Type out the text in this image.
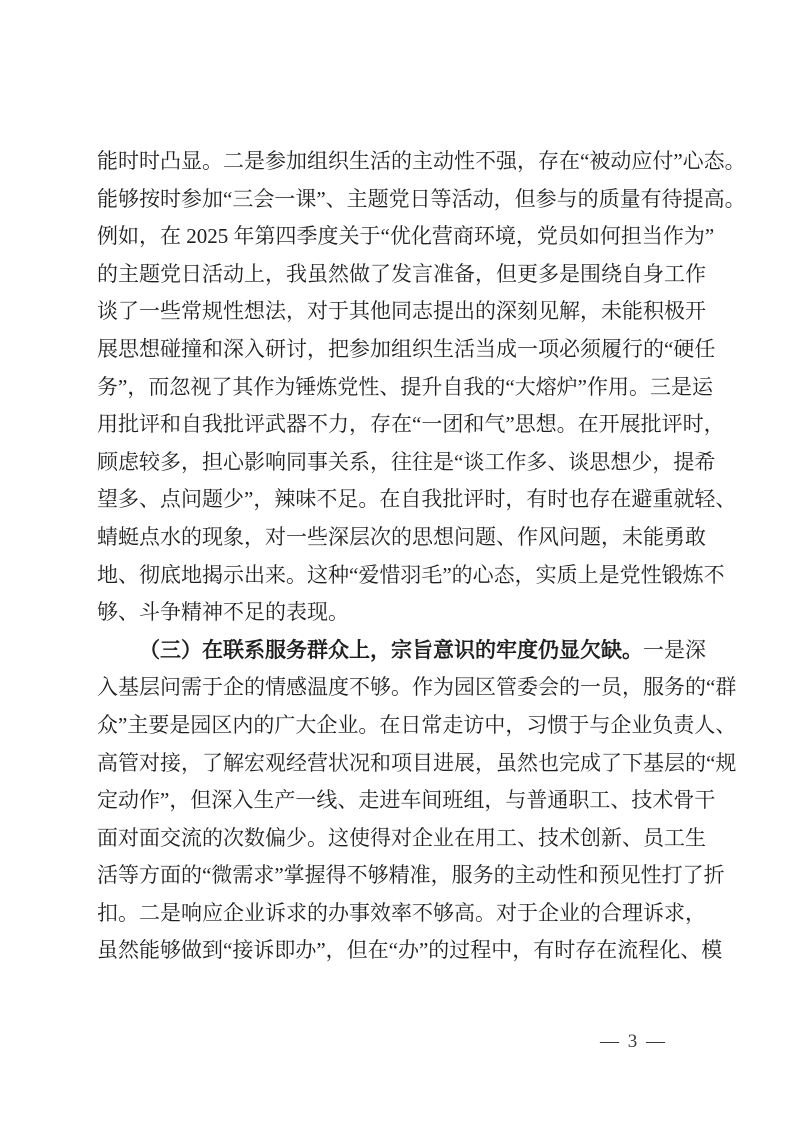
能时时凸显。二是参加组织生活的主动性不强，存在“被动应付”心态。
能够按时参加“三会一课”、主题党日等活动，但参与的质量有待提高。
例如，在 2025 年第四季度关于“优化营商环境，党员如何担当作为”
的主题党日活动上，我虽然做了发言准备，但更多是围绕自身工作
谈了一些常规性想法，对于其他同志提出的深刻见解，未能积极开
展思想碰撞和深入研讨，把参加组织生活当成一项必须履行的“硬任
务”，而忽视了其作为锤炼党性、提升自我的“大熔炉”作用。三是运
用批评和自我批评武器不力，存在“一团和气”思想。在开展批评时，
顾虑较多，担心影响同事关系，往往是“谈工作多、谈思想少，提希
望多、点问题少”，辣味不足。在自我批评时，有时也存在避重就轻、
蜻蜓点水的现象，对一些深层次的思想问题、作风问题，未能勇敢
地、彻底地揭示出来。这种“爱惜羽毛”的心态，实质上是党性锻炼不
够、斗争精神不足的表现。
（三）在联系服务群众上，宗旨意识的牢度仍显欠缺。一是深
入基层问需于企的情感温度不够。作为园区管委会的一员，服务的“群
众”主要是园区内的广大企业。在日常走访中，习惯于与企业负责人、
高管对接，了解宏观经营状况和项目进展，虽然也完成了下基层的“规
定动作”，但深入生产一线、走进车间班组，与普通职工、技术骨干
面对面交流的次数偏少。这使得对企业在用工、技术创新、员工生
活等方面的“微需求”掌握得不够精准，服务的主动性和预见性打了折
扣。二是响应企业诉求的办事效率不够高。对于企业的合理诉求，
虽然能够做到“接诉即办”，但在“办”的过程中，有时存在流程化、模
— 3 —
